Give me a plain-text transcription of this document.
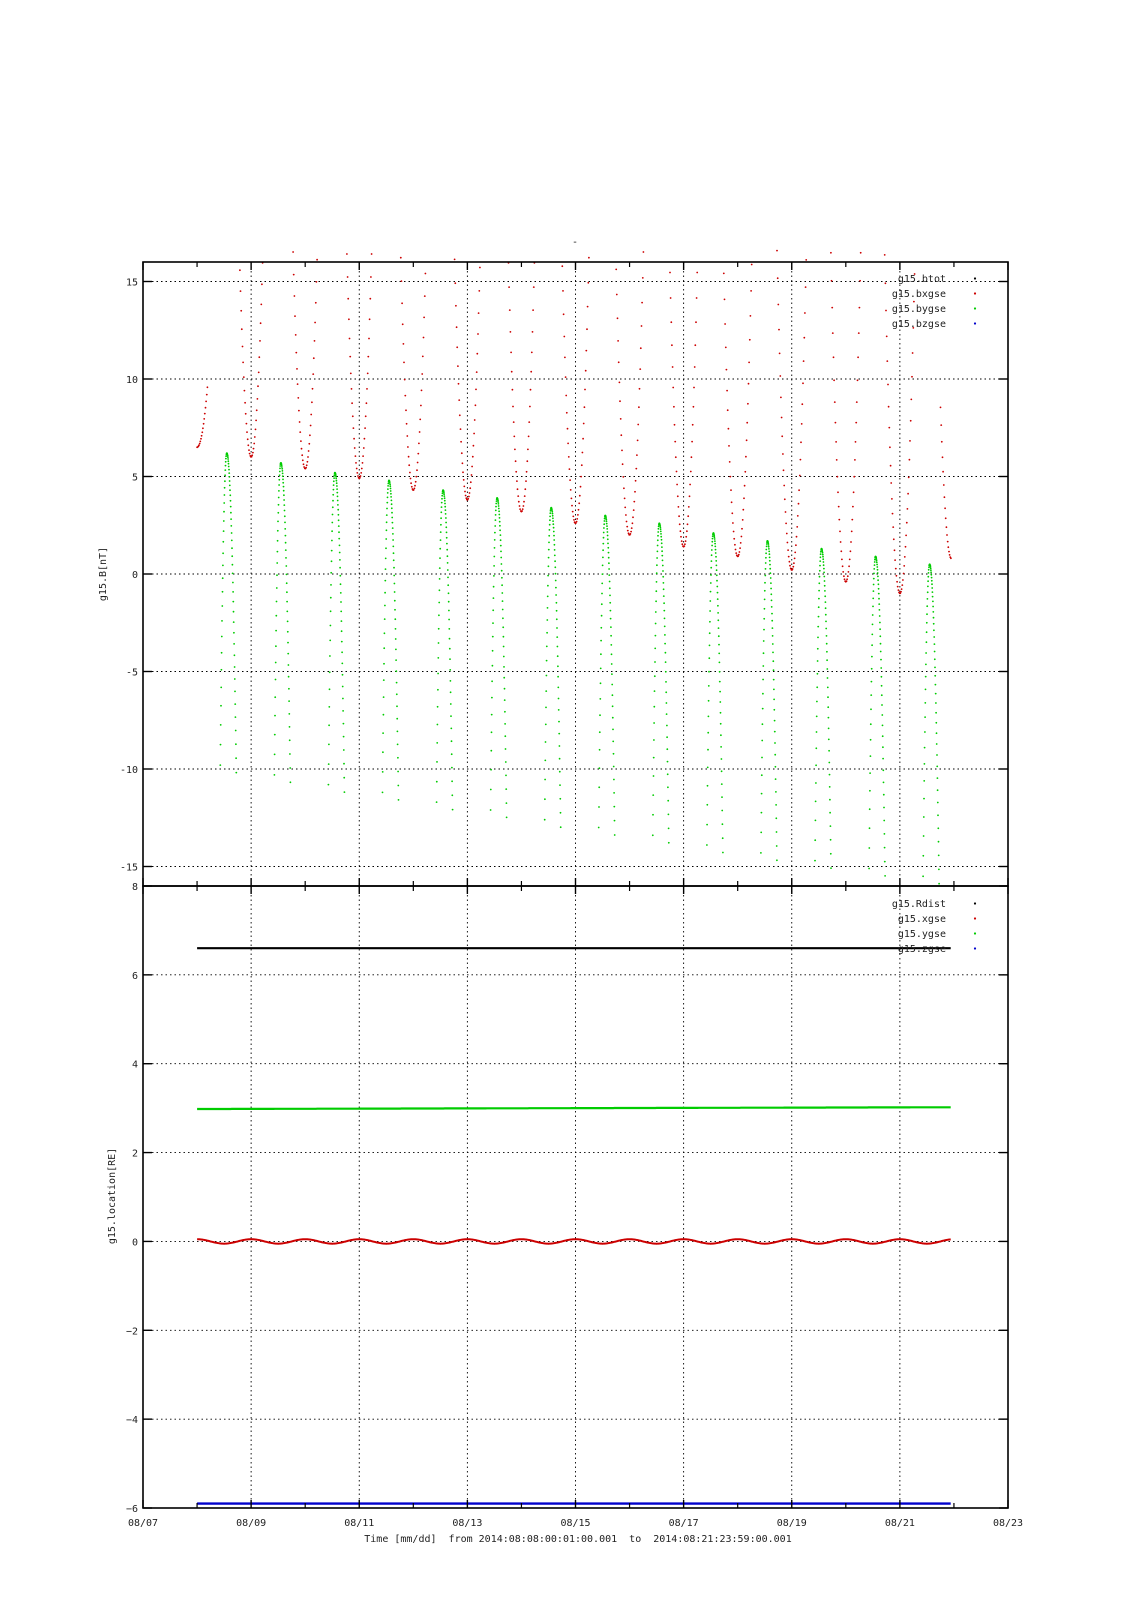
-
15
10
5
0
-5
-10
-15
g15.btot
g15.bxgse
g15.bygse
g15.bzgse
g15.B[nT]
8
6
4
2
0
−2
−4
−6
g15.Rdist
g15.xgse
g15.ygse
g15.zgse
g15.location[RE]
08/07	08/09	08/11	08/13	08/15	08/17	08/19	08/21	08/23
Time [mm/dd]  from 2014:08:08:00:01:00.001  to  2014:08:21:23:59:00.001
